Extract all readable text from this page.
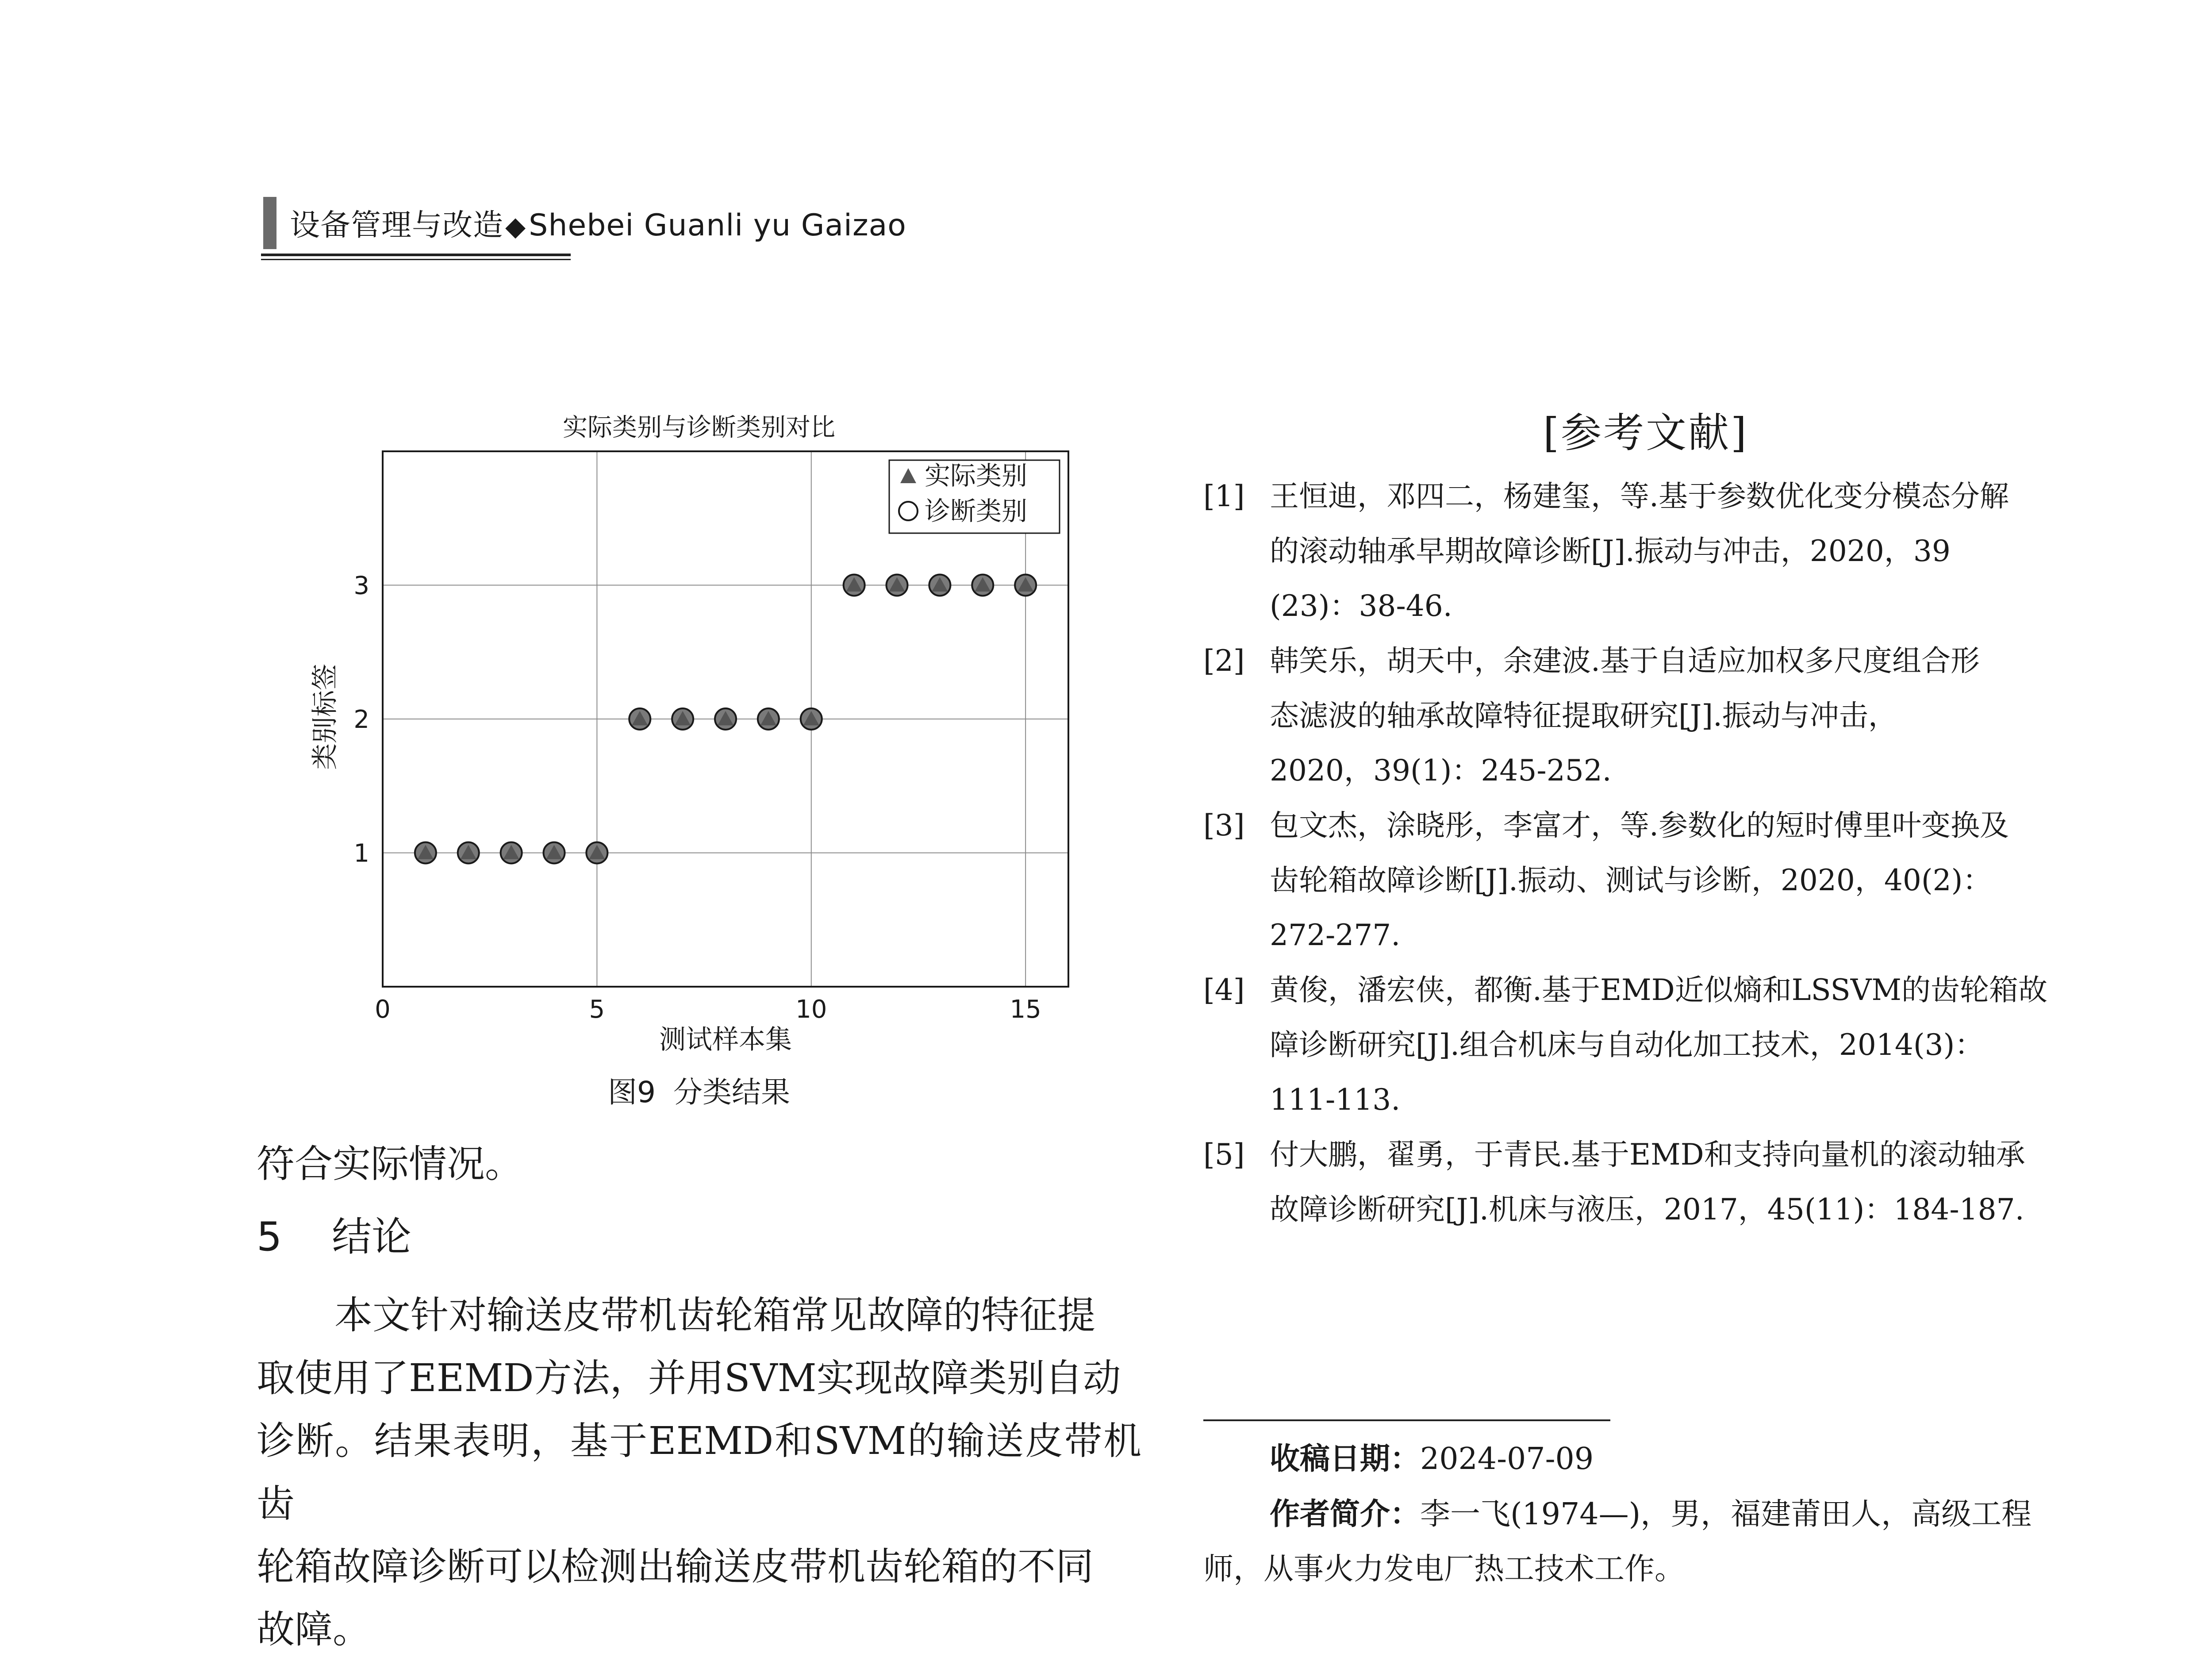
设备管理与改造◆Shebei Guanli yu Gaizao
实际类别与诊断类别对比
0	5	10	15
1
2
3
测试样本集
类别标签
实际类别
诊断类别
图9 分类结果

符合实际情况。

5 结论

本文针对输送皮带机齿轮箱常见故障的特征提

取使用了EEMD方法，并用SVM实现故障类别自动

诊断。结果表明，基于EEMD和SVM的输送皮带机齿

轮箱故障诊断可以检测出输送皮带机齿轮箱的不同

故障。

[参考文献]
[1] 王恒迪，邓四二，杨建玺，等.基于参数优化变分模态分解
的滚动轴承早期故障诊断[J].振动与冲击，2020，39
(23)：38-46.
[2] 韩笑乐，胡天中，余建波.基于自适应加权多尺度组合形
态滤波的轴承故障特征提取研究[J].振动与冲击，
2020，39(1)：245-252.
[3] 包文杰，涂晓彤，李富才，等.参数化的短时傅里叶变换及
齿轮箱故障诊断[J].振动、测试与诊断，2020，40(2)：
272-277.
[4] 黄俊，潘宏侠，都衡.基于EMD近似熵和LSSVM的齿轮箱故
障诊断研究[J].组合机床与自动化加工技术，2014(3)：
111-113.
[5] 付大鹏，翟勇，于青民.基于EMD和支持向量机的滚动轴承
故障诊断研究[J].机床与液压，2017，45(11)：184-187.

收稿日期：2024-07-09

作者简介：李一飞(1974—)，男，福建莆田人，高级工程

师，从事火力发电厂热工技术工作。
